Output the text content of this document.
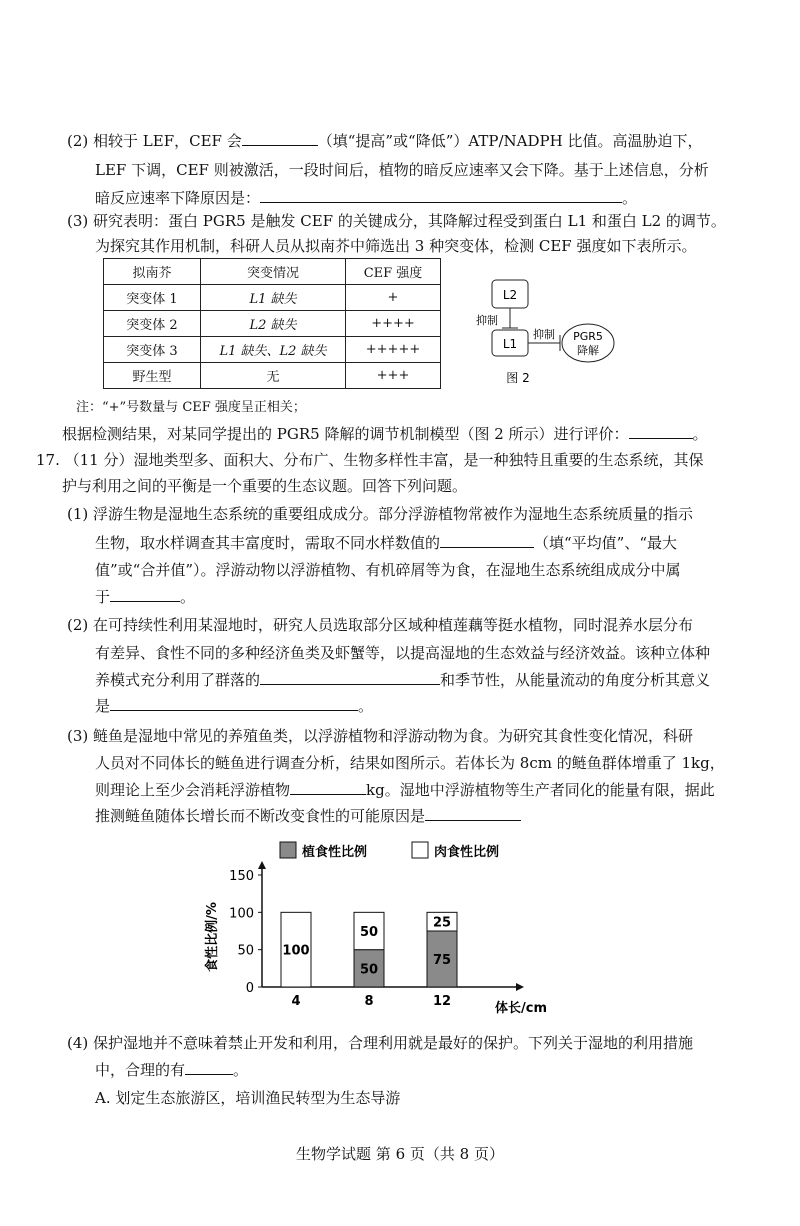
(2) 相较于 LEF，CEF 会	（填“提高”或“降低”）ATP/NADPH 比值。高温胁迫下，
LEF 下调，CEF 则被激活，一段时间后，植物的暗反应速率又会下降。基于上述信息，分析
暗反应速率下降原因是：	。
(3) 研究表明：蛋白 PGR5 是触发 CEF 的关键成分，其降解过程受到蛋白 L1 和蛋白 L2 的调节。
为探究其作用机制，科研人员从拟南芥中筛选出 3 种突变体，检测 CEF 强度如下表所示。
拟南芥	突变情况	CEF 强度
突变体 1	L1 缺失	+
突变体 2	L2 缺失	++++
突变体 3	L1 缺失、L2 缺失	+++++
野生型	无	+++
L2
抑制
L1
抑制 PGR5
降解
图 2
注：“+”号数量与 CEF 强度呈正相关；
根据检测结果，对某同学提出的 PGR5 降解的调节机制模型（图 2 所示）进行评价：	。
17. （11 分）湿地类型多、面积大、分布广、生物多样性丰富，是一种独特且重要的生态系统，其保
护与利用之间的平衡是一个重要的生态议题。回答下列问题。
(1) 浮游生物是湿地生态系统的重要组成成分。部分浮游植物常被作为湿地生态系统质量的指示
生物，取水样调查其丰富度时，需取不同水样数值的	（填“平均值”、“最大
值”或“合并值”）。浮游动物以浮游植物、有机碎屑等为食，在湿地生态系统组成成分中属
于	。
(2) 在可持续性利用某湿地时，研究人员选取部分区域种植莲藕等挺水植物，同时混养水层分布
有差异、食性不同的多种经济鱼类及虾蟹等，以提高湿地的生态效益与经济效益。该种立体种
养模式充分利用了群落的	和季节性，从能量流动的角度分析其意义
是	。
(3) 鲢鱼是湿地中常见的养殖鱼类，以浮游植物和浮游动物为食。为研究其食性变化情况，科研
人员对不同体长的鲢鱼进行调查分析，结果如图所示。若体长为 8cm 的鲢鱼群体增重了 1kg，
则理论上至少会消耗浮游植物	kg。湿地中浮游植物等生产者同化的能量有限，据此
推测鲢鱼随体长增长而不断改变食性的可能原因是
植食性比例	肉食性比例
食性比例/%
体长/cm
0
50
100
150
100
4
50
50
8
75
25
12
(4) 保护湿地并不意味着禁止开发和利用，合理利用就是最好的保护。下列关于湿地的利用措施
中，合理的有	。
A. 划定生态旅游区，培训渔民转型为生态导游
生物学试题 第 6 页（共 8 页）
